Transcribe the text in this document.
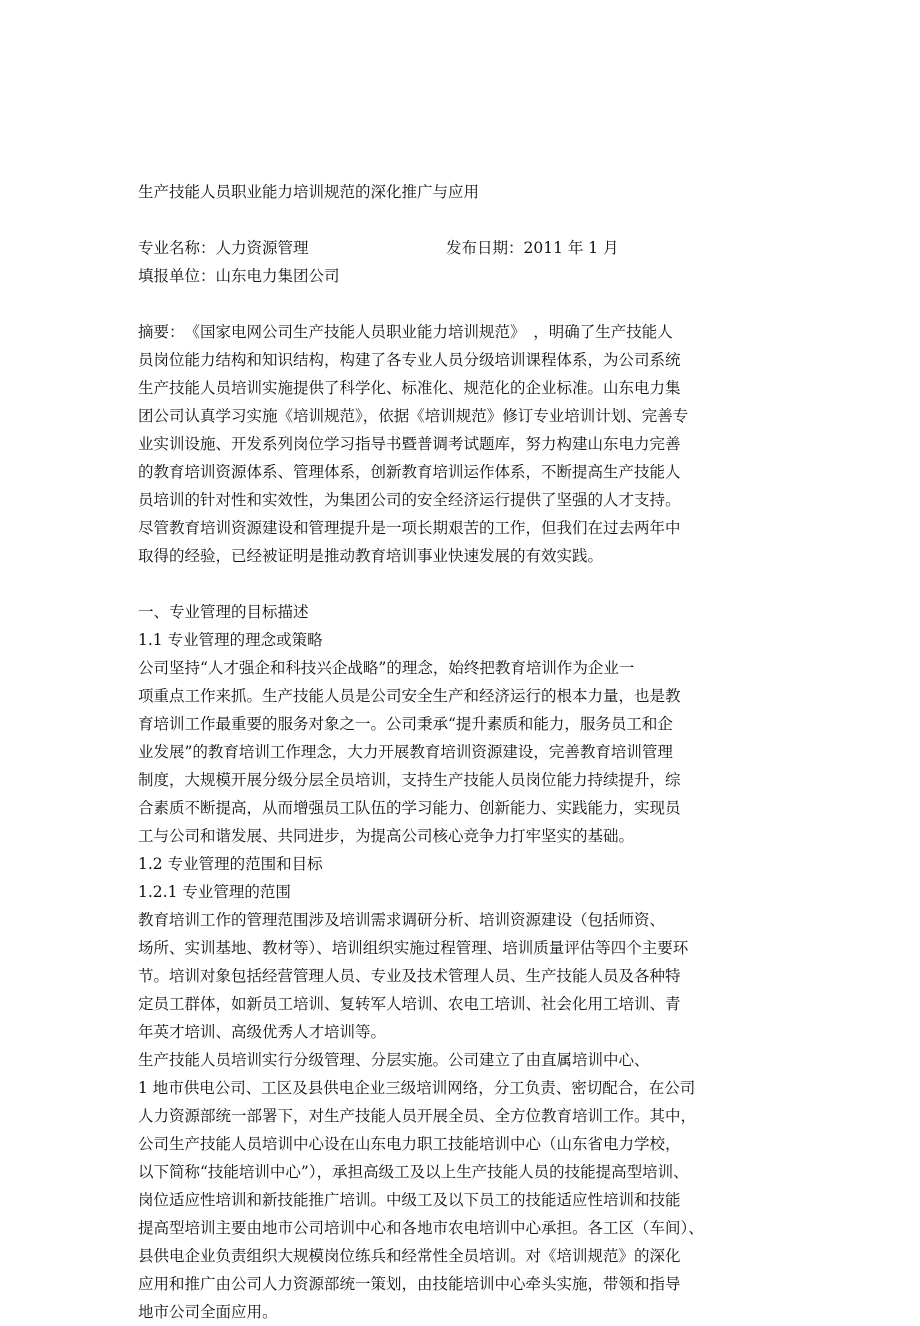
生产技能人员职业能力培训规范的深化推广与应用
专业名称：人力资源管理	发布日期：2011 年 1 月
填报单位：山东电力集团公司
摘要：　《国家电网公司生产技能人员职业能力培训规范》　，明确了生产技能人
员岗位能力结构和知识结构，构建了各专业人员分级培训课程体系，为公司系统
生产技能人员培训实施提供了科学化、标准化、规范化的企业标准。山东电力集
团公司认真学习实施《培训规范》，依据《培训规范》修订专业培训计划、完善专
业实训设施、开发系列岗位学习指导书暨普调考试题库，努力构建山东电力完善
的教育培训资源体系、管理体系，创新教育培训运作体系，不断提高生产技能人
员培训的针对性和实效性，为集团公司的安全经济运行提供了坚强的人才支持。
尽管教育培训资源建设和管理提升是一项长期艰苦的工作，但我们在过去两年中
取得的经验，已经被证明是推动教育培训事业快速发展的有效实践。
一、专业管理的目标描述
1.1 专业管理的理念或策略
公司坚持“人才强企和科技兴企战略”的理念，始终把教育培训作为企业一
项重点工作来抓。生产技能人员是公司安全生产和经济运行的根本力量，也是教
育培训工作最重要的服务对象之一。公司秉承“提升素质和能力，服务员工和企
业发展”的教育培训工作理念，大力开展教育培训资源建设，完善教育培训管理
制度，大规模开展分级分层全员培训，支持生产技能人员岗位能力持续提升，综
合素质不断提高，从而增强员工队伍的学习能力、创新能力、实践能力，实现员
工与公司和谐发展、共同进步，为提高公司核心竞争力打牢坚实的基础。
1.2 专业管理的范围和目标
1.2.1 专业管理的范围
教育培训工作的管理范围涉及培训需求调研分析、培训资源建设（包括师资、
场所、实训基地、教材等）、培训组织实施过程管理、培训质量评估等四个主要环
节。培训对象包括经营管理人员、专业及技术管理人员、生产技能人员及各种特
定员工群体，如新员工培训、复转军人培训、农电工培训、社会化用工培训、青
年英才培训、高级优秀人才培训等。
生产技能人员培训实行分级管理、分层实施。公司建立了由直属培训中心、
1 地市供电公司、工区及县供电企业三级培训网络，分工负责、密切配合，在公司
人力资源部统一部署下，对生产技能人员开展全员、全方位教育培训工作。其中，
公司生产技能人员培训中心设在山东电力职工技能培训中心（山东省电力学校，
以下简称“技能培训中心”），承担高级工及以上生产技能人员的技能提高型培训、
岗位适应性培训和新技能推广培训。中级工及以下员工的技能适应性培训和技能
提高型培训主要由地市公司培训中心和各地市农电培训中心承担。各工区（车间）、
县供电企业负责组织大规模岗位练兵和经常性全员培训。对《培训规范》的深化
应用和推广由公司人力资源部统一策划，由技能培训中心牵头实施，带领和指导
地市公司全面应用。
